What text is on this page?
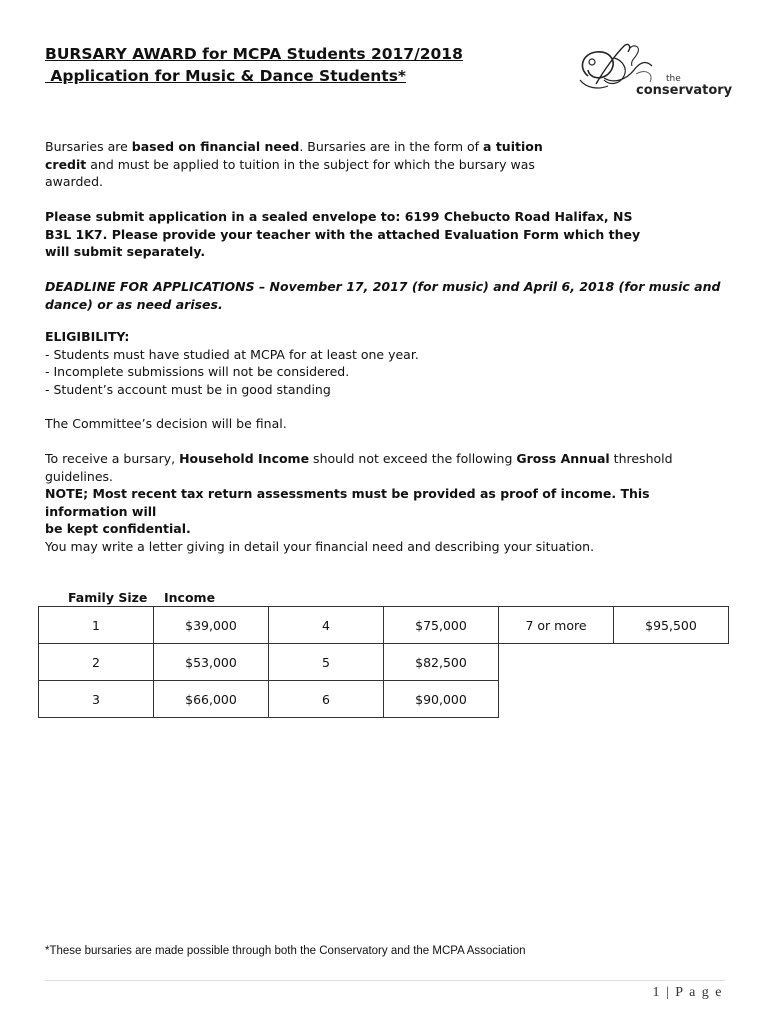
BURSARY AWARD for MCPA Students 2017/2018
Application for Music & Dance Students*	the
conservatory
Bursaries are based on financial need. Bursaries are in the form of a tuition
credit and must be applied to tuition in the subject for which the bursary was
awarded.
Please submit application in a sealed envelope to: 6199 Chebucto Road Halifax, NS
B3L 1K7. Please provide your teacher with the attached Evaluation Form which they
will submit separately.
DEADLINE FOR APPLICATIONS – November 17, 2017 (for music) and April 6, 2018 (for music and
dance) or as need arises.
ELIGIBILITY:
- Students must have studied at MCPA for at least one year.
- Incomplete submissions will not be considered.
- Student’s account must be in good standing
The Committee’s decision will be final.
To receive a bursary, Household Income should not exceed the following Gross Annual threshold
guidelines.
NOTE; Most recent tax return assessments must be provided as proof of income. This information will
be kept confidential.
You may write a letter giving in detail your financial need and describing your situation.
Family Size Income
1	$39,000	4	$75,000	7 or more	$95,500
2	$53,000	5	$82,500		
3	$66,000	6	$90,000		
*These bursaries are made possible through both the Conservatory and the MCPA Association
1 | P a g e
